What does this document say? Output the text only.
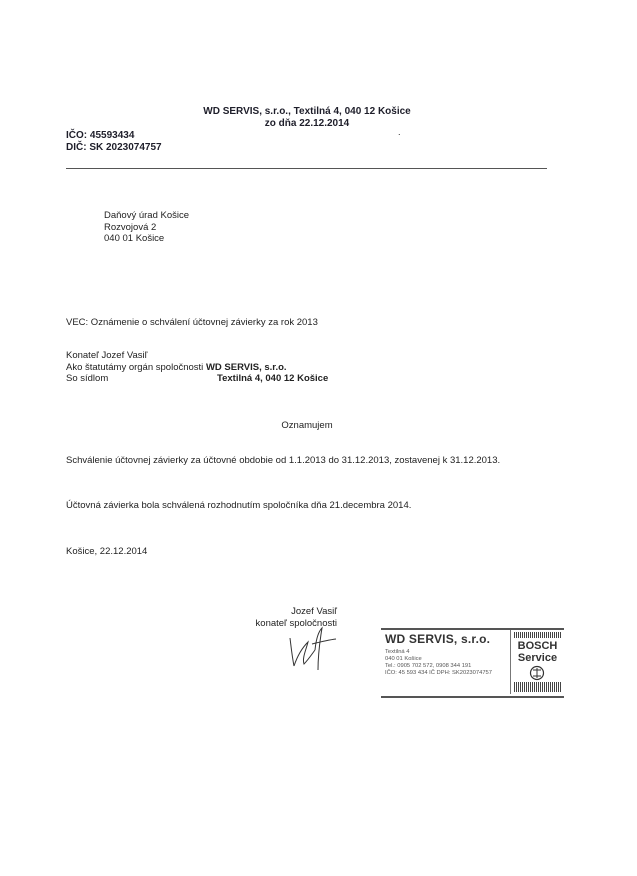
WD SERVIS, s.r.o., Textilná 4, 040 12 Košice
zo dňa 22.12.2014
IČO: 45593434
DIČ: SK 2023074757
.
Daňový úrad Košice
Rozvojová 2
040 01 Košice
VEC: Oznámenie o schválení účtovnej závierky za rok 2013
Konateľ Jozef Vasiľ
Ako štatutámy orgán spoločnosti WD SERVIS, s.r.o.
So sídlom	Textilná 4, 040 12 Košice
Oznamujem
Schválenie účtovnej závierky za účtovné obdobie od 1.1.2013 do 31.12.2013, zostavenej k 31.12.2013.
Účtovná závierka bola schválená rozhodnutím spoločníka dňa 21.decembra 2014.
Košice, 22.12.2014
Jozef Vasiľ
konateľ spoločnosti
WD SERVIS, s.r.o.
Textilná 4
040 01 Košice
Tel.: 0905 702 572, 0908 344 191
IČO: 45 593 434 IČ DPH: SK2023074757
BOSCH
Service
